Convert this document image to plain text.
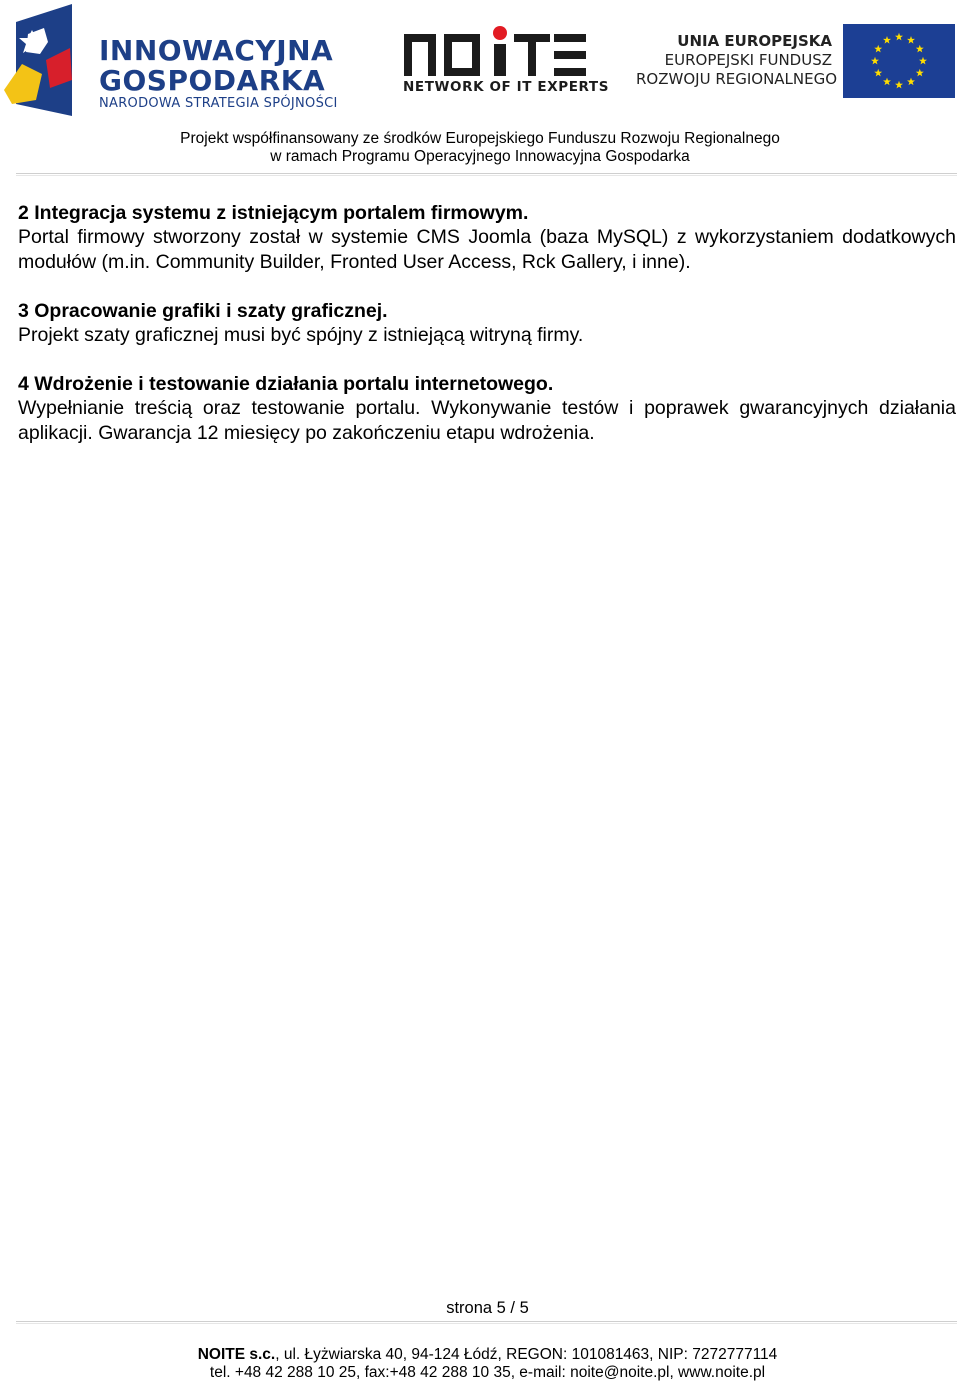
INNOWACYJNA
GOSPODARKA
NARODOWA STRATEGIA SPÓJNOŚCI
NETWORK OF IT EXPERTS
UNIA EUROPEJSKA
EUROPEJSKI FUNDUSZ
ROZWOJU REGIONALNEGO
Projekt współfinansowany ze środków Europejskiego Funduszu Rozwoju Regionalnego
w ramach Programu Operacyjnego Innowacyjna Gospodarka
2 Integracja systemu z istniejącym portalem firmowym.
Portal firmowy stworzony został w systemie CMS Joomla (baza MySQL) z wykorzystaniem dodatkowych modułów (m.in. Community Builder, Fronted User Access, Rck Gallery, i inne).
3 Opracowanie grafiki i szaty graficznej.
Projekt szaty graficznej musi być spójny z istniejącą witryną firmy.
4 Wdrożenie i testowanie działania portalu internetowego.
Wypełnianie treścią oraz testowanie portalu. Wykonywanie testów i poprawek gwarancyjnych działania aplikacji. Gwarancja 12 miesięcy po zakończeniu etapu wdrożenia.
strona 5 / 5
NOITE s.c., ul. Łyżwiarska 40, 94-124 Łódź, REGON: 101081463, NIP: 7272777114
tel. +48 42 288 10 25, fax:+48 42 288 10 35, e-mail: noite@noite.pl, www.noite.pl
